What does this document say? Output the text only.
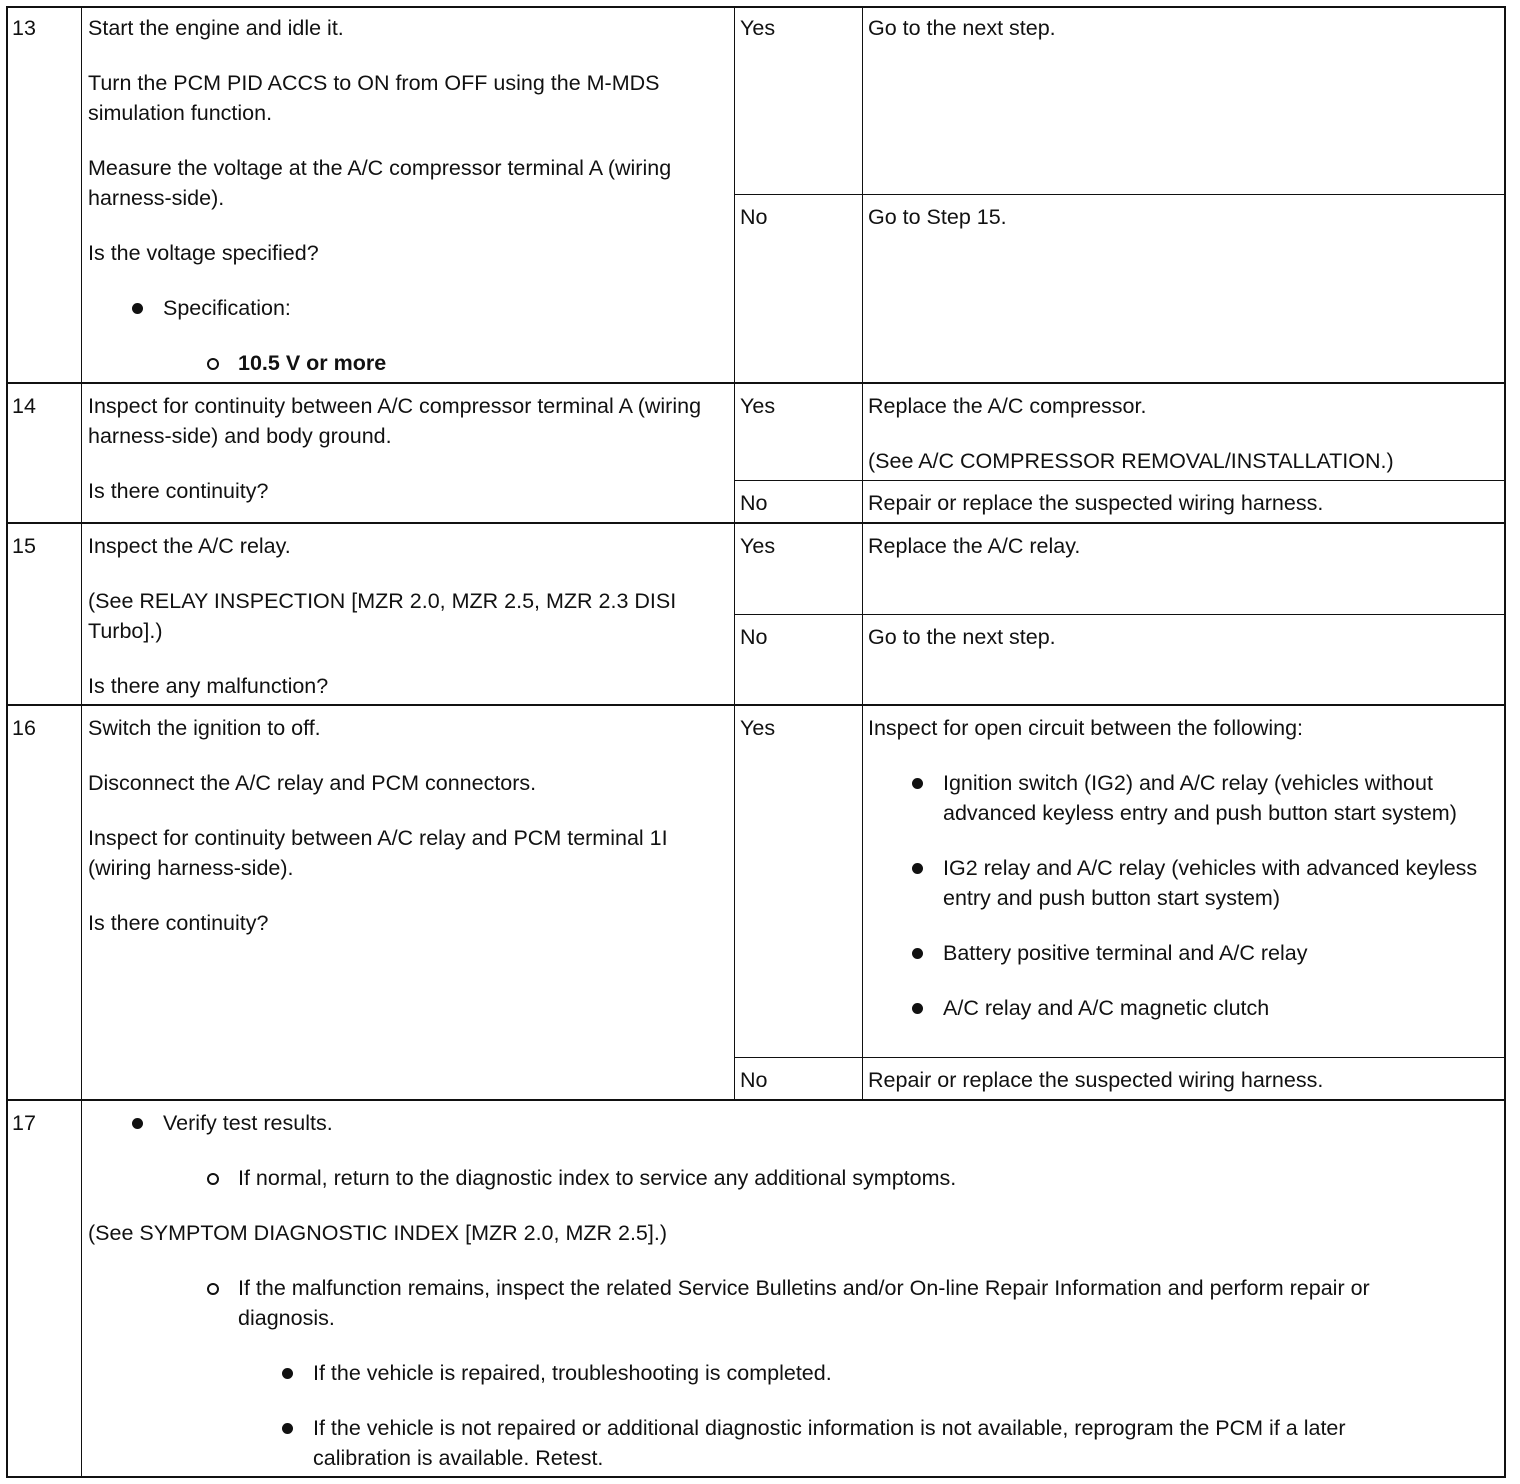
13 Start the engine and idle it.

Turn the PCM PID ACCS to ON from OFF using the M-MDS simulation function.

Measure the voltage at the A/C compressor terminal A (wiring harness-side).

Is the voltage specified?

Specification:
10.5 V or more
Yes	Go to the next step.
No	Go to Step 15.
14 Inspect for continuity between A/C compressor terminal A (wiring harness-side) and body ground.

Is there continuity?

Yes	Replace the A/C compressor.

(See A/C COMPRESSOR REMOVAL/INSTALLATION.)

No	Repair or replace the suspected wiring harness.
15 Inspect the A/C relay.

(See RELAY INSPECTION [MZR 2.0, MZR 2.5, MZR 2.3 DISI Turbo].)

Is there any malfunction?

Yes	Replace the A/C relay.
No	Go to the next step.
16 Switch the ignition to off.

Disconnect the A/C relay and PCM connectors.

Inspect for continuity between A/C relay and PCM terminal 1I (wiring harness-side).

Is there continuity?

Yes	Inspect for open circuit between the following:

Ignition switch (IG2) and A/C relay (vehicles without advanced keyless entry and push button start system)
IG2 relay and A/C relay (vehicles with advanced keyless entry and push button start system)
Battery positive terminal and A/C relay
A/C relay and A/C magnetic clutch
No	Repair or replace the suspected wiring harness.
17	Verify test results.
If normal, return to the diagnostic index to service any additional symptoms.

(See SYMPTOM DIAGNOSTIC INDEX [MZR 2.0, MZR 2.5].)

If the malfunction remains, inspect the related Service Bulletins and/or On-line Repair Information and perform repair or diagnosis.
If the vehicle is repaired, troubleshooting is completed.
If the vehicle is not repaired or additional diagnostic information is not available, reprogram the PCM if a later calibration is available. Retest.
